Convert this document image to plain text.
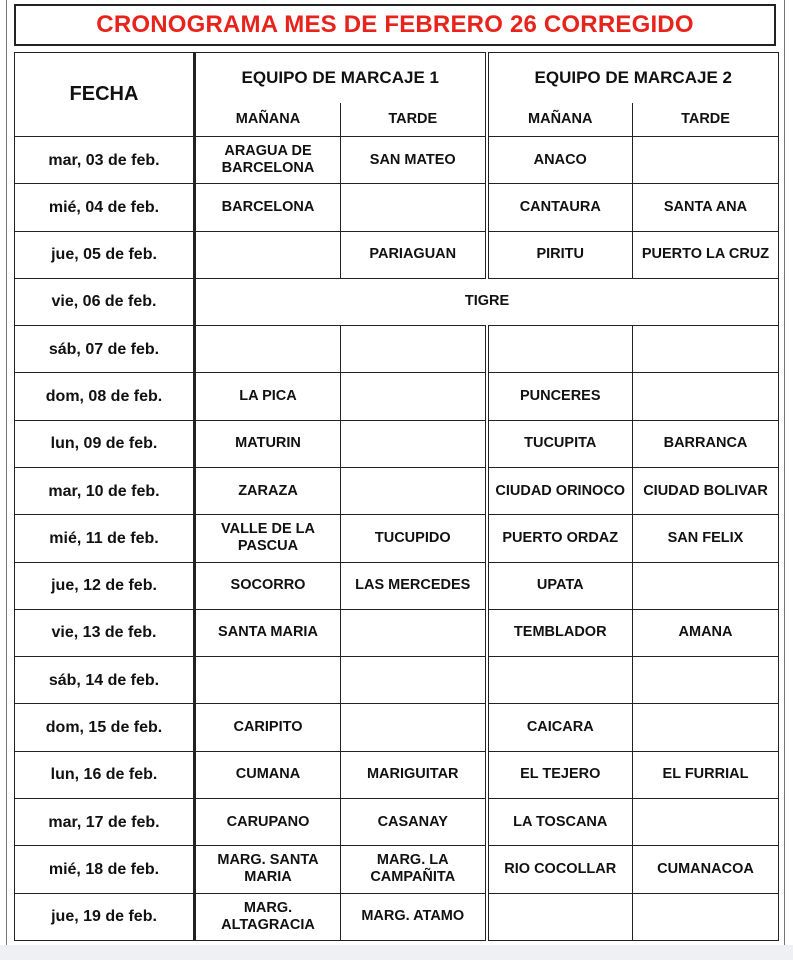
CRONOGRAMA MES DE FEBRERO 26 CORREGIDO
FECHA	EQUIPO DE MARCAJE 1		EQUIPO DE MARCAJE 2	
	MAÑANA	TARDE	MAÑANA	TARDE
mar, 03 de feb.	ARAGUA DE BARCELONA	SAN MATEO	ANACO	
mié, 04 de feb.	BARCELONA		CANTAURA	SANTA ANA
jue, 05 de feb.		PARIAGUAN	PIRITU	PUERTO LA CRUZ
vie, 06 de feb.	TIGRE			
sáb, 07 de feb.				
dom, 08 de feb.	LA PICA		PUNCERES	
lun, 09 de feb.	MATURIN		TUCUPITA	BARRANCA
mar, 10 de feb.	ZARAZA		CIUDAD ORINOCO	CIUDAD BOLIVAR
mié, 11 de feb.	VALLE DE LA PASCUA	TUCUPIDO	PUERTO ORDAZ	SAN FELIX
jue, 12 de feb.	SOCORRO	LAS MERCEDES	UPATA	
vie, 13 de feb.	SANTA MARIA		TEMBLADOR	AMANA
sáb, 14 de feb.				
dom, 15 de feb.	CARIPITO		CAICARA	
lun, 16 de feb.	CUMANA	MARIGUITAR	EL TEJERO	EL FURRIAL
mar, 17 de feb.	CARUPANO	CASANAY	LA TOSCANA	
mié, 18 de feb.	MARG. SANTA MARIA	MARG. LA CAMPAÑITA	RIO COCOLLAR	CUMANACOA
jue, 19 de feb.	MARG. ALTAGRACIA	MARG. ATAMO		
